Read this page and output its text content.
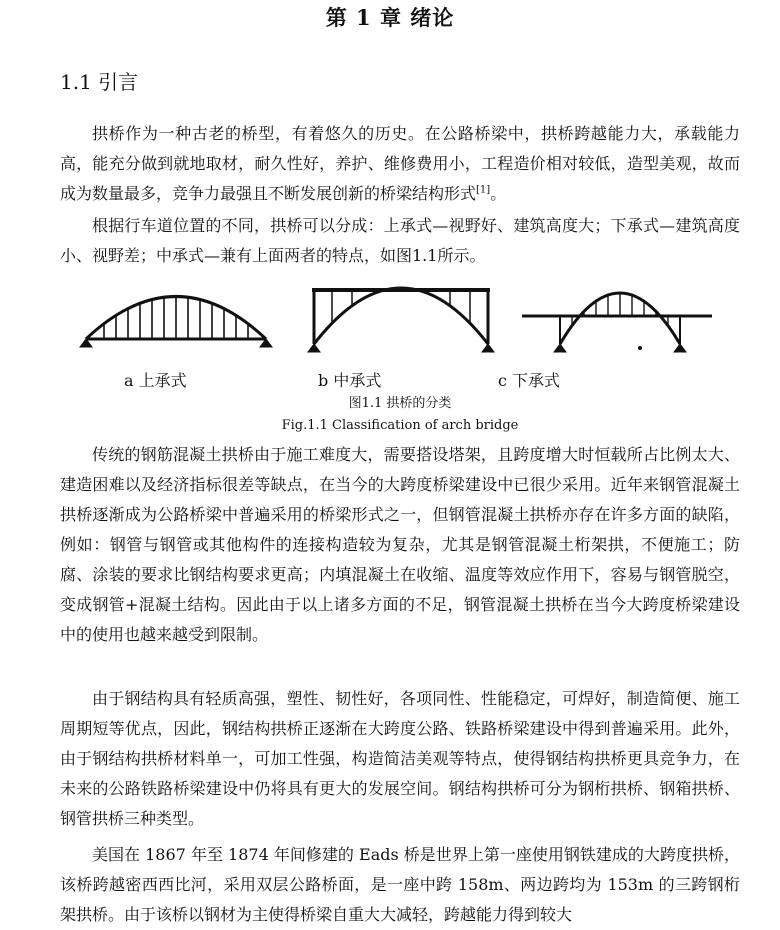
第 1 章 绪论
1.1 引言

拱桥作为一种古老的桥型，有着悠久的历史。在公路桥梁中，拱桥跨越能力大，承载能力高，能充分做到就地取材，耐久性好，养护、维修费用小，工程造价相对较低，造型美观，故而成为数量最多，竞争力最强且不断发展创新的桥梁结构形式[1]。

根据行车道位置的不同，拱桥可以分成：上承式—视野好、建筑高度大；下承式—建筑高度小、视野差；中承式—兼有上面两者的特点，如图1.1所示。

a 上承式	b 中承式	c 下承式
图1.1 拱桥的分类
Fig.1.1 Classification of arch bridge

传统的钢筋混凝土拱桥由于施工难度大，需要搭设塔架，且跨度增大时恒载所占比例太大、建造困难以及经济指标很差等缺点，在当今的大跨度桥梁建设中已很少采用。近年来钢管混凝土拱桥逐渐成为公路桥梁中普遍采用的桥梁形式之一，但钢管混凝土拱桥亦存在许多方面的缺陷，例如：钢管与钢管或其他构件的连接构造较为复杂，尤其是钢管混凝土桁架拱，不便施工；防腐、涂装的要求比钢结构要求更高；内填混凝土在收缩、温度等效应作用下，容易与钢管脱空，变成钢管+混凝土结构。因此由于以上诸多方面的不足，钢管混凝土拱桥在当今大跨度桥梁建设中的使用也越来越受到限制。

由于钢结构具有轻质高强，塑性、韧性好，各项同性、性能稳定，可焊好，制造简便、施工周期短等优点，因此，钢结构拱桥正逐渐在大跨度公路、铁路桥梁建设中得到普遍采用。此外，由于钢结构拱桥材料单一，可加工性强，构造简洁美观等特点，使得钢结构拱桥更具竞争力，在未来的公路铁路桥梁建设中仍将具有更大的发展空间。钢结构拱桥可分为钢桁拱桥、钢箱拱桥、钢管拱桥三种类型。

美国在 1867 年至 1874 年间修建的 Eads 桥是世界上第一座使用钢铁建成的大跨度拱桥，该桥跨越密西西比河，采用双层公路桥面，是一座中跨 158m、两边跨均为 153m 的三跨钢桁架拱桥。由于该桥以钢材为主使得桥梁自重大大减轻，跨越能力得到较大
